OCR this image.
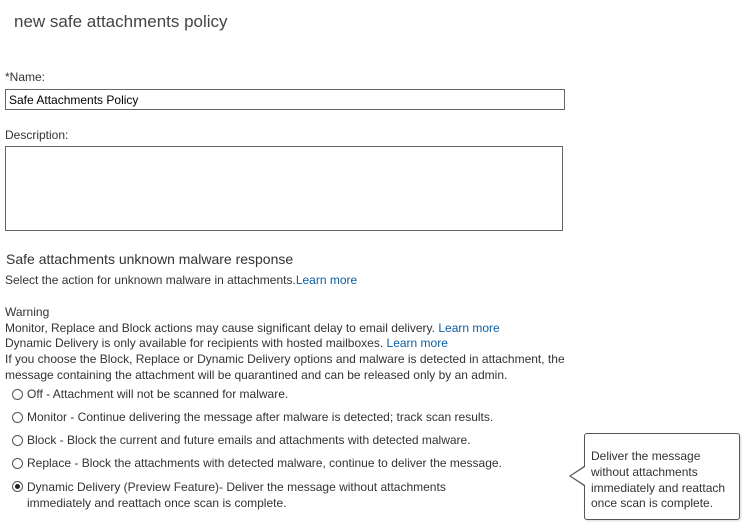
new safe attachments policy
*Name:
Safe Attachments Policy
Description:
Safe attachments unknown malware response
Select the action for unknown malware in attachments.Learn more
Warning
Monitor, Replace and Block actions may cause significant delay to email delivery. Learn more
Dynamic Delivery is only available for recipients with hosted mailboxes. Learn more
If you choose the Block, Replace or Dynamic Delivery options and malware is detected in attachment, the message containing the attachment will be quarantined and can be released only by an admin.
Off - Attachment will not be scanned for malware.
Monitor - Continue delivering the message after malware is detected; track scan results.
Block - Block the current and future emails and attachments with detected malware.
Replace - Block the attachments with detected malware, continue to deliver the message.
Dynamic Delivery (Preview Feature)- Deliver the message without attachments
immediately and reattach once scan is complete.
Deliver the message
without attachments
immediately and reattach
once scan is complete.
